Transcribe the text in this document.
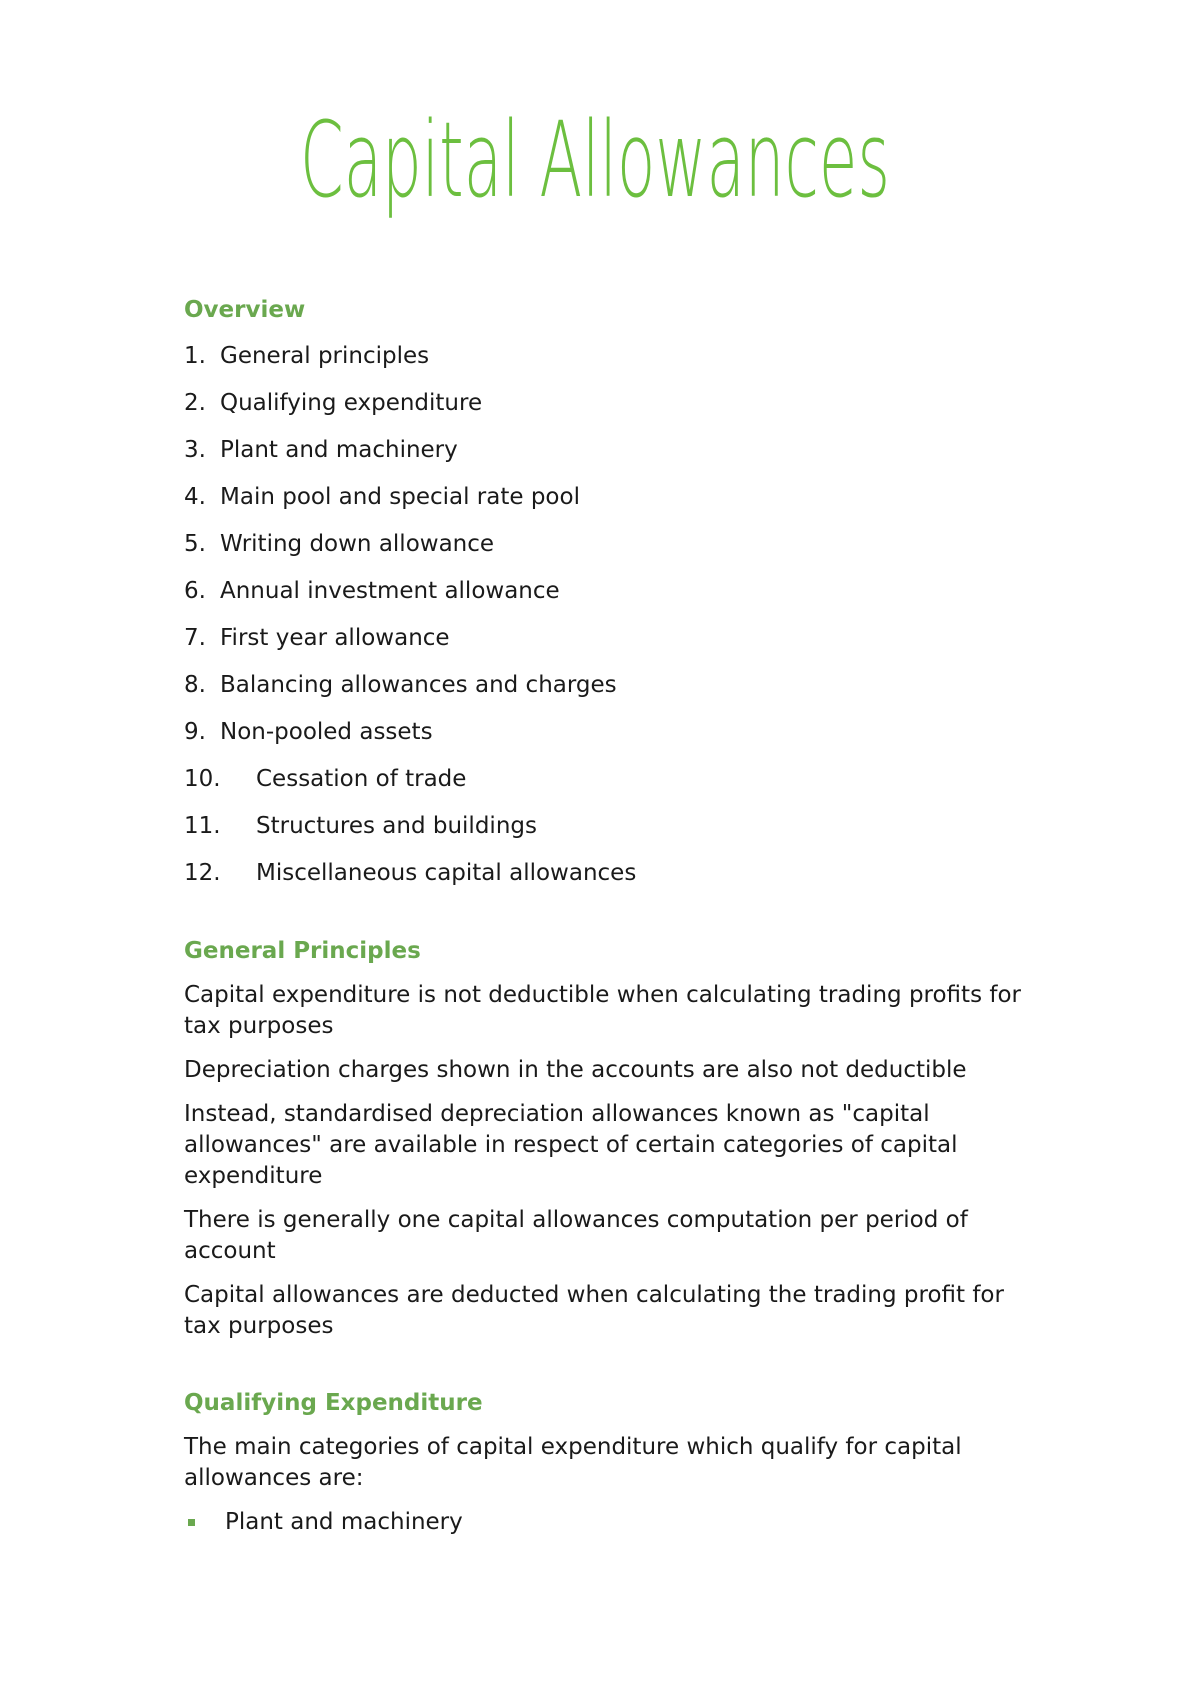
Capital Allowances
Overview
1. General principles
2. Qualifying expenditure
3. Plant and machinery
4. Main pool and special rate pool
5. Writing down allowance
6. Annual investment allowance
7. First year allowance
8. Balancing allowances and charges
9. Non-pooled assets
10.	Cessation of trade
11.	Structures and buildings
12.	Miscellaneous capital allowances
General Principles

Capital expenditure is not deductible when calculating trading profits for tax purposes

Depreciation charges shown in the accounts are also not deductible

Instead, standardised depreciation allowances known as "capital allowances" are available in respect of certain categories of capital expenditure

There is generally one capital allowances computation per period of account

Capital allowances are deducted when calculating the trading profit for tax purposes

Qualifying Expenditure

The main categories of capital expenditure which qualify for capital allowances are:

Plant and machinery
